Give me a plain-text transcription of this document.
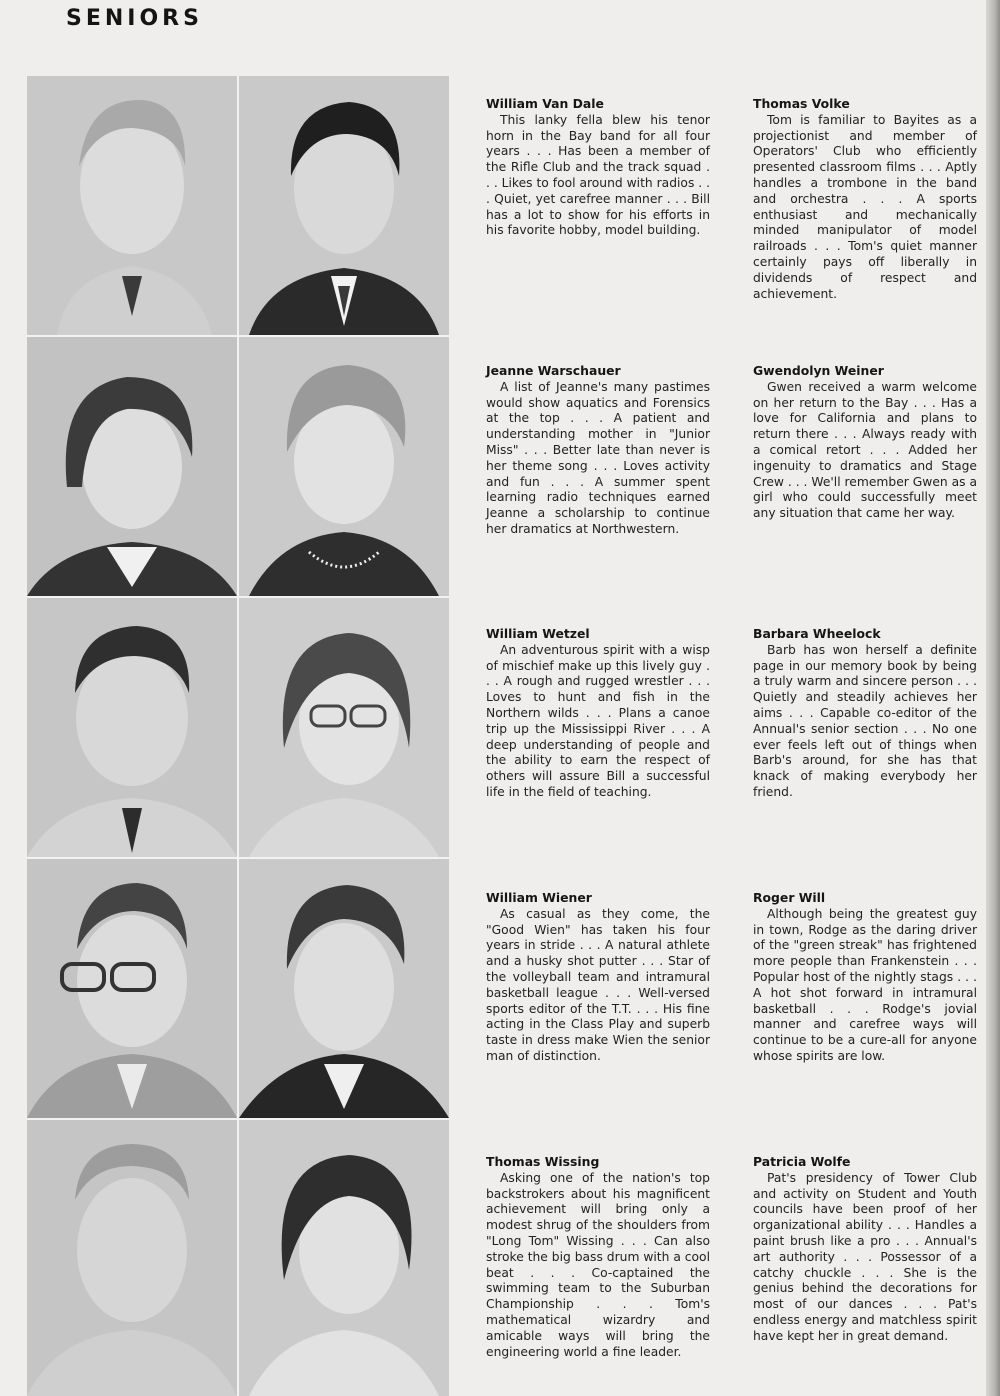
SENIORS
William Van Dale
This lanky fella blew his tenor horn in the Bay band for all four years . . . Has been a member of the Rifle Club and the track squad . . . Likes to fool around with radios . . . Quiet, yet carefree manner . . . Bill has a lot to show for his efforts in his favorite hobby, model building.
Jeanne Warschauer
A list of Jeanne's many pastimes would show aquatics and Forensics at the top . . . A patient and understanding mother in "Junior Miss" . . . Better late than never is her theme song . . . Loves activity and fun . . . A summer spent learning radio techniques earned Jeanne a scholarship to continue her dramatics at Northwestern.
William Wetzel
An adventurous spirit with a wisp of mischief make up this lively guy . . . A rough and rugged wrestler . . . Loves to hunt and fish in the Northern wilds . . . Plans a canoe trip up the Mississippi River . . . A deep understanding of people and the ability to earn the respect of others will assure Bill a successful life in the field of teaching.
William Wiener
As casual as they come, the "Good Wien" has taken his four years in stride . . . A natural athlete and a husky shot putter . . . Star of the volleyball team and intramural basketball league . . . Well-versed sports editor of the T.T. . . . His fine acting in the Class Play and superb taste in dress make Wien the senior man of distinction.
Thomas Wissing
Asking one of the nation's top backstrokers about his magnificent achievement will bring only a modest shrug of the shoulders from "Long Tom" Wissing . . . Can also stroke the big bass drum with a cool beat . . . Co-captained the swimming team to the Suburban Championship . . . Tom's mathematical wizardry and amicable ways will bring the engineering world a fine leader.
Thomas Volke
Tom is familiar to Bayites as a projectionist and member of Operators' Club who efficiently presented classroom films . . . Aptly handles a trombone in the band and orchestra . . . A sports enthusiast and mechanically minded manipulator of model railroads . . . Tom's quiet manner certainly pays off liberally in dividends of respect and achievement.
Gwendolyn Weiner
Gwen received a warm welcome on her return to the Bay . . . Has a love for California and plans to return there . . . Always ready with a comical retort . . . Added her ingenuity to dramatics and Stage Crew . . . We'll remember Gwen as a girl who could successfully meet any situation that came her way.
Barbara Wheelock
Barb has won herself a definite page in our memory book by being a truly warm and sincere person . . . Quietly and steadily achieves her aims . . . Capable co-editor of the Annual's senior section . . . No one ever feels left out of things when Barb's around, for she has that knack of making everybody her friend.
Roger Will
Although being the greatest guy in town, Rodge as the daring driver of the "green streak" has frightened more people than Frankenstein . . . Popular host of the nightly stags . . . A hot shot forward in intramural basketball . . . Rodge's jovial manner and carefree ways will continue to be a cure-all for anyone whose spirits are low.
Patricia Wolfe
Pat's presidency of Tower Club and activity on Student and Youth councils have been proof of her organizational ability . . . Handles a paint brush like a pro . . . Annual's art authority . . . Possessor of a catchy chuckle . . . She is the genius behind the decorations for most of our dances . . . Pat's endless energy and matchless spirit have kept her in great demand.
